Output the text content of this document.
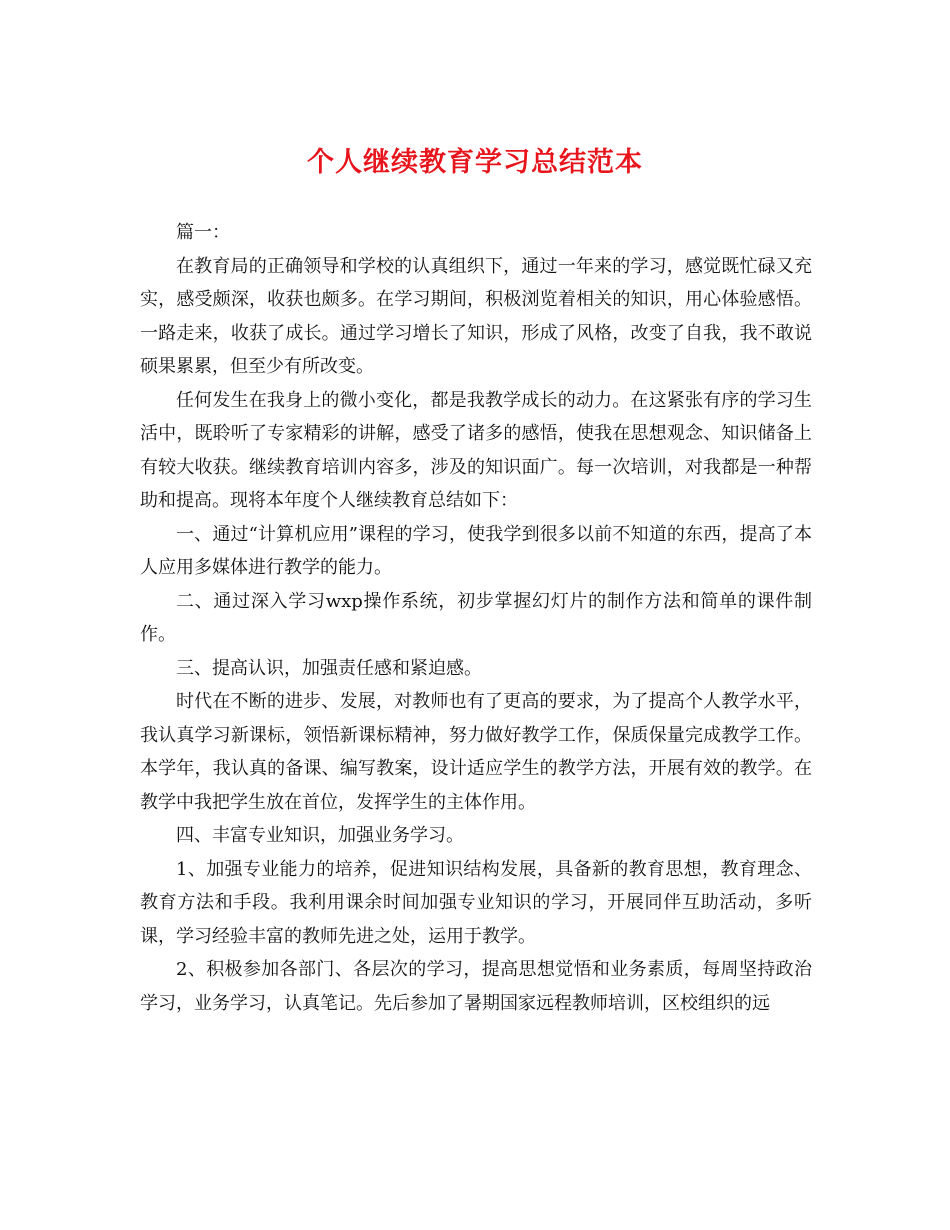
个人继续教育学习总结范本

篇一：

在教育局的正确领导和学校的认真组织下，通过一年来的学习，感觉既忙碌又充实，感受颇深，收获也颇多。在学习期间，积极浏览着相关的知识，用心体验感悟。一路走来，收获了成长。通过学习增长了知识，形成了风格，改变了自我，我不敢说硕果累累，但至少有所改变。

任何发生在我身上的微小变化，都是我教学成长的动力。在这紧张有序的学习生活中，既聆听了专家精彩的讲解，感受了诸多的感悟，使我在思想观念、知识储备上有较大收获。继续教育培训内容多，涉及的知识面广。每一次培训，对我都是一种帮助和提高。现将本年度个人继续教育总结如下：

一、通过“计算机应用”课程的学习，使我学到很多以前不知道的东西，提高了本人应用多媒体进行教学的能力。

二、通过深入学习wxp操作系统，初步掌握幻灯片的制作方法和简单的课件制作。

三、提高认识，加强责任感和紧迫感。

时代在不断的进步、发展，对教师也有了更高的要求，为了提高个人教学水平，我认真学习新课标，领悟新课标精神，努力做好教学工作，保质保量完成教学工作。本学年，我认真的备课、编写教案，设计适应学生的教学方法，开展有效的教学。在教学中我把学生放在首位，发挥学生的主体作用。

四、丰富专业知识，加强业务学习。

1、加强专业能力的培养，促进知识结构发展，具备新的教育思想，教育理念、教育方法和手段。我利用课余时间加强专业知识的学习，开展同伴互助活动，多听课，学习经验丰富的教师先进之处，运用于教学。

2、积极参加各部门、各层次的学习，提高思想觉悟和业务素质，每周坚持政治学习，业务学习，认真笔记。先后参加了暑期国家远程教师培训，区校组织的远
